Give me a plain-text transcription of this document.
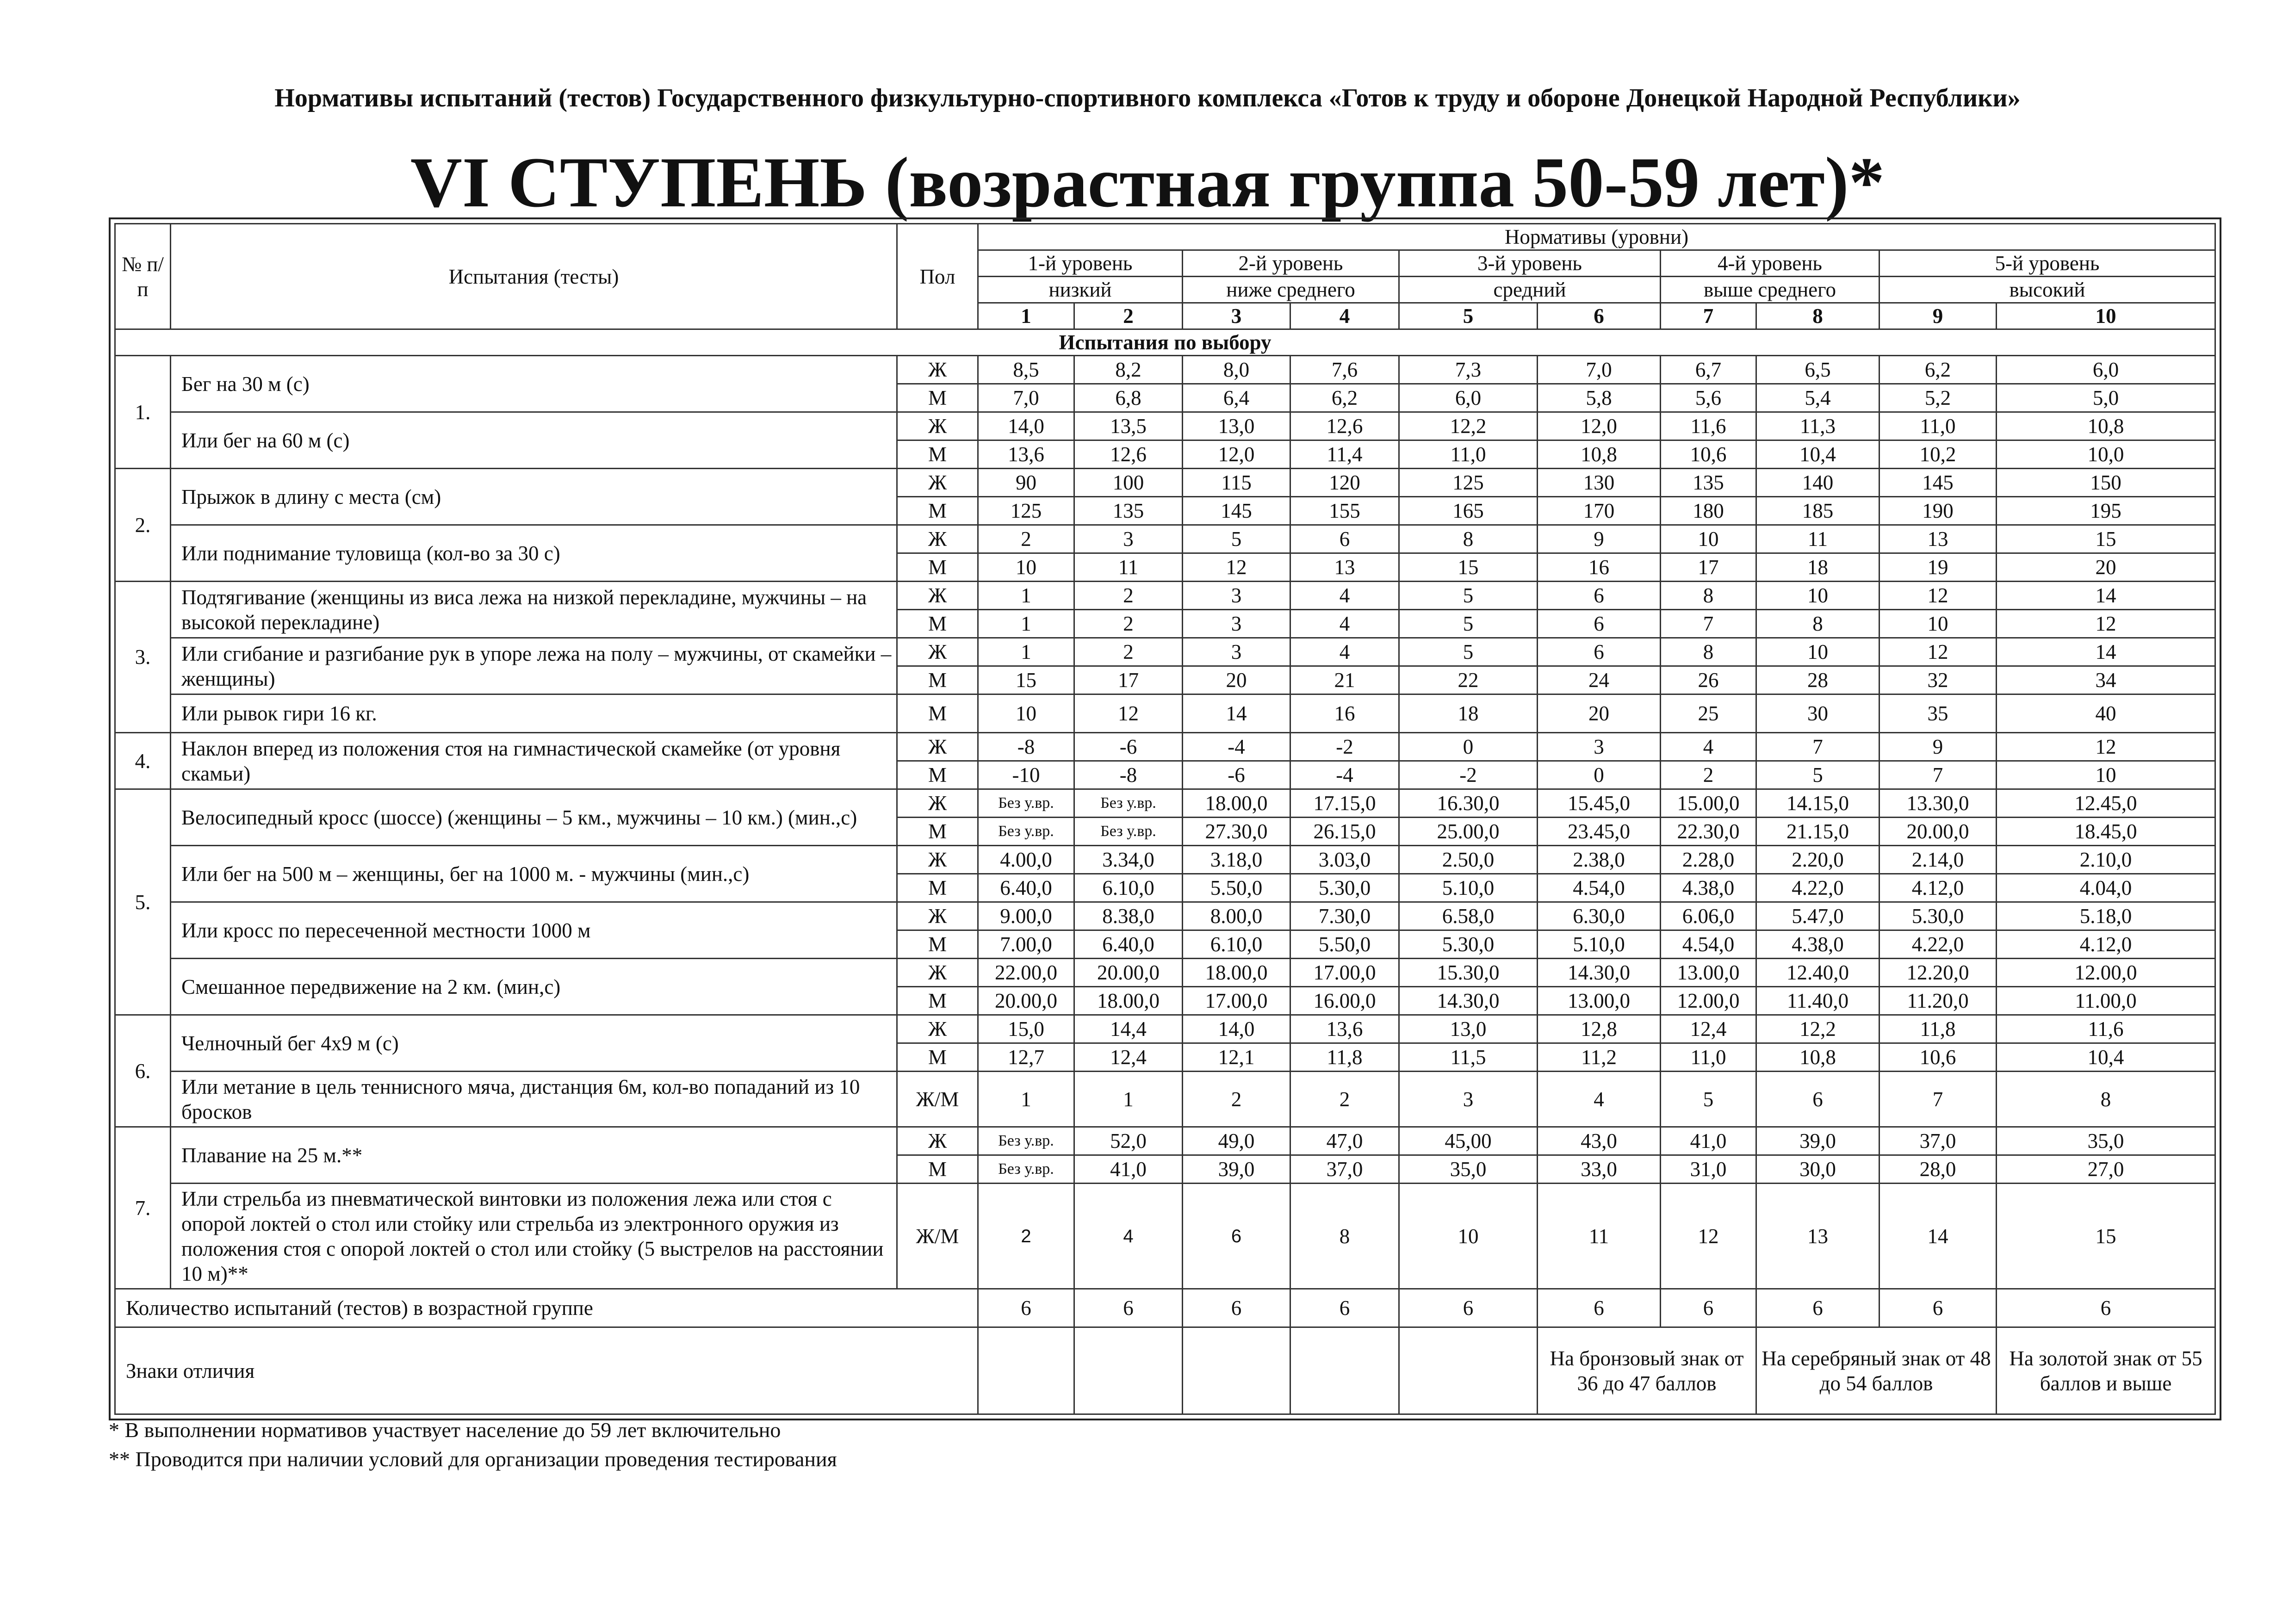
Нормативы испытаний (тестов) Государственного физкультурно-спортивного комплекса «Готов к труду и обороне Донецкой Народной Республики»
VI СТУПЕНЬ (возрастная группа 50-59 лет)*
№ п/п	Испытания (тесты)	Пол	Нормативы (уровни)									
			1-й уровень		2-й уровень		3-й уровень		4-й уровень		5-й уровень	
			низкий		ниже среднего		средний		выше среднего		высокий	
			1	2	3	4	5	6	7	8	9	10
Испытания по выбору												
1.	Бег на 30 м (с)	Ж	8,5	8,2	8,0	7,6	7,3	7,0	6,7	6,5	6,2	6,0
		М	7,0	6,8	6,4	6,2	6,0	5,8	5,6	5,4	5,2	5,0
	Или бег на 60 м (с)	Ж	14,0	13,5	13,0	12,6	12,2	12,0	11,6	11,3	11,0	10,8
		М	13,6	12,6	12,0	11,4	11,0	10,8	10,6	10,4	10,2	10,0
2.	Прыжок в длину с места (см)	Ж	90	100	115	120	125	130	135	140	145	150
		М	125	135	145	155	165	170	180	185	190	195
	Или поднимание туловища (кол-во за 30 с)	Ж	2	3	5	6	8	9	10	11	13	15
		М	10	11	12	13	15	16	17	18	19	20
3.	Подтягивание (женщины из виса лежа на низкой перекладине, мужчины – на высокой перекладине)	Ж	1	2	3	4	5	6	8	10	12	14
		М	1	2	3	4	5	6	7	8	10	12
	Или сгибание и разгибание рук в упоре лежа на полу – мужчины, от скамейки – женщины)	Ж	1	2	3	4	5	6	8	10	12	14
		М	15	17	20	21	22	24	26	28	32	34
	Или рывок гири 16 кг.	М	10	12	14	16	18	20	25	30	35	40
4.	Наклон вперед из положения стоя на гимнастической скамейке (от уровня скамьи)	Ж	-8	-6	-4	-2	0	3	4	7	9	12
		М	-10	-8	-6	-4	-2	0	2	5	7	10
5.	Велосипедный кросс (шоссе) (женщины – 5 км., мужчины – 10 км.) (мин.,с)	Ж	Без у.вр.	Без у.вр.	18.00,0	17.15,0	16.30,0	15.45,0	15.00,0	14.15,0	13.30,0	12.45,0
		М	Без у.вр.	Без у.вр.	27.30,0	26.15,0	25.00,0	23.45,0	22.30,0	21.15,0	20.00,0	18.45,0
	Или бег на 500 м – женщины, бег на 1000 м. - мужчины (мин.,с)	Ж	4.00,0	3.34,0	3.18,0	3.03,0	2.50,0	2.38,0	2.28,0	2.20,0	2.14,0	2.10,0
		М	6.40,0	6.10,0	5.50,0	5.30,0	5.10,0	4.54,0	4.38,0	4.22,0	4.12,0	4.04,0
	Или кросс по пересеченной местности 1000 м	Ж	9.00,0	8.38,0	8.00,0	7.30,0	6.58,0	6.30,0	6.06,0	5.47,0	5.30,0	5.18,0
		М	7.00,0	6.40,0	6.10,0	5.50,0	5.30,0	5.10,0	4.54,0	4.38,0	4.22,0	4.12,0
	Смешанное передвижение на 2 км. (мин,с)	Ж	22.00,0	20.00,0	18.00,0	17.00,0	15.30,0	14.30,0	13.00,0	12.40,0	12.20,0	12.00,0
		М	20.00,0	18.00,0	17.00,0	16.00,0	14.30,0	13.00,0	12.00,0	11.40,0	11.20,0	11.00,0
6.	Челночный бег 4х9 м (с)	Ж	15,0	14,4	14,0	13,6	13,0	12,8	12,4	12,2	11,8	11,6
		М	12,7	12,4	12,1	11,8	11,5	11,2	11,0	10,8	10,6	10,4
	Или метание в цель теннисного мяча, дистанция 6м, кол-во попаданий из 10 бросков	Ж/М	1	1	2	2	3	4	5	6	7	8
7.	Плавание на 25 м.**	Ж	Без у.вр.	52,0	49,0	47,0	45,00	43,0	41,0	39,0	37,0	35,0
		М	Без у.вр.	41,0	39,0	37,0	35,0	33,0	31,0	30,0	28,0	27,0
	Или стрельба из пневматической винтовки из положения лежа или стоя с опорой локтей о стол или стойку или стрельба из электронного оружия из положения стоя с опорой локтей о стол или стойку (5 выстрелов на расстоянии 10 м)**	Ж/М	2	4	6	8	10	11	12	13	14	15
Количество испытаний (тестов) в возрастной группе			6	6	6	6	6	6	6	6	6	6
Знаки отличия								На бронзовый знак от 36 до 47 баллов		На серебряный знак от 48 до 54 баллов		На золотой знак от 55 баллов и выше
* В выполнении нормативов участвует население до 59 лет включительно
** Проводится при наличии условий для организации проведения тестирования
